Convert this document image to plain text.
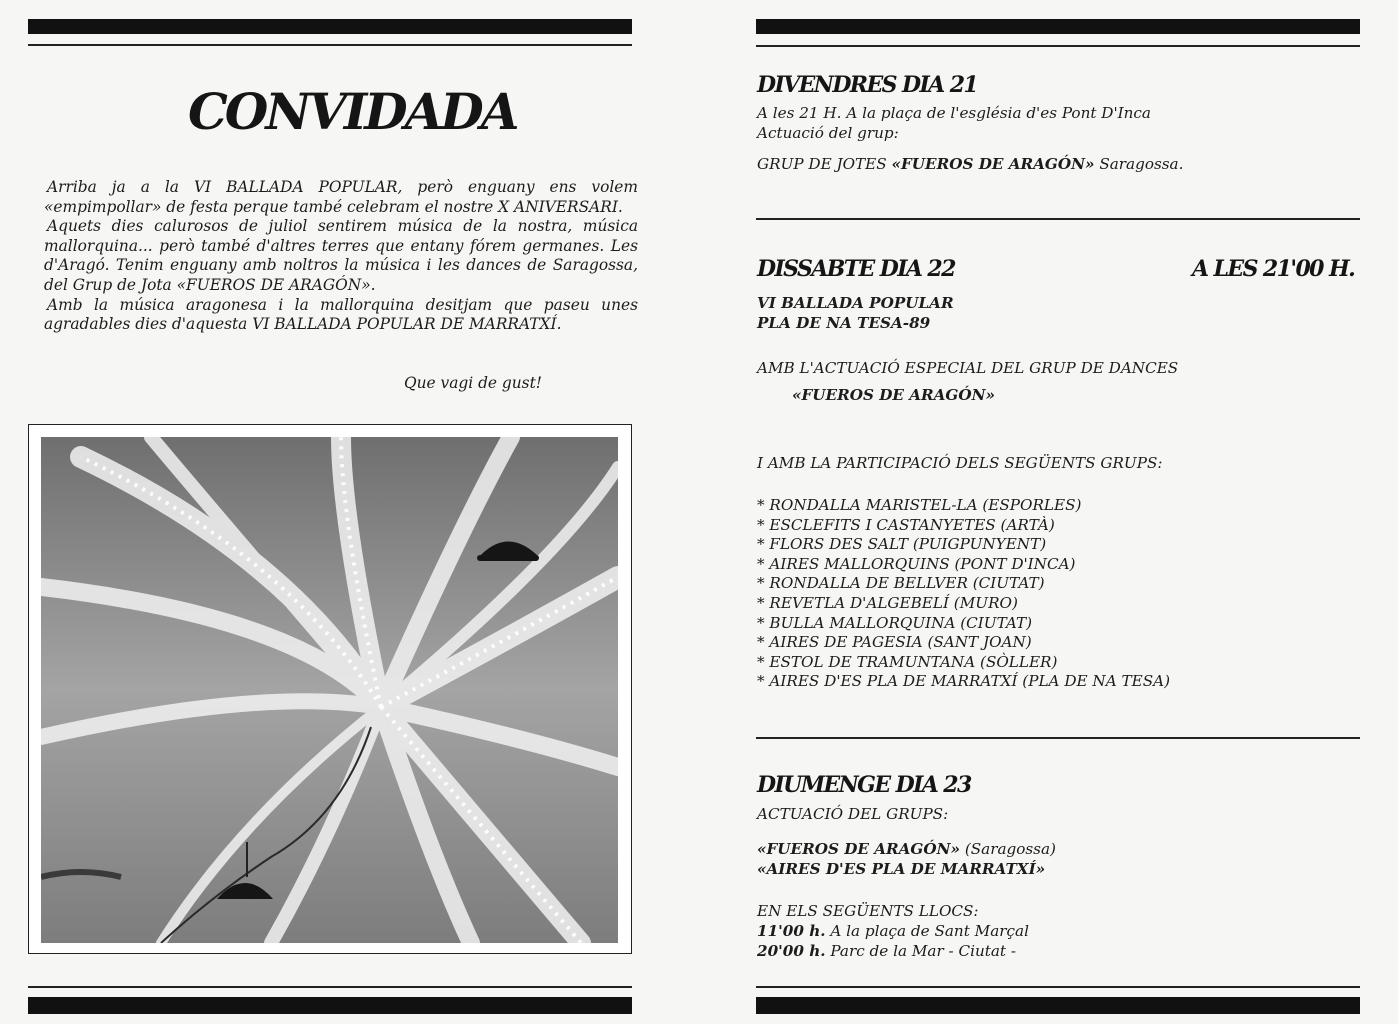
CONVIDADA

Arriba ja a la VI BALLADA POPULAR, però enguany ens volem «empimpollar» de festa perque també celebram el nostre X ANIVERSARI.

Aquets dies calurosos de juliol sentirem música de la nostra, música mallorquina... però també d'altres terres que entany fórem germanes. Les d'Aragó. Tenim enguany amb noltros la música i les dances de Saragossa, del Grup de Jota «FUEROS DE ARAGÓN».

Amb la música aragonesa i la mallorquina desitjam que paseu unes agradables dies d'aquesta VI BALLADA POPULAR DE MARRATXÍ.

Que vagi de gust!
DIVENDRES DIA 21
A les 21 H. A la plaça de l'església d'es Pont D'Inca
Actuació del grup:
GRUP DE JOTES «FUEROS DE ARAGÓN» Saragossa.
DISSABTE DIA 22	A LES 21'00 H.
VI BALLADA POPULAR
PLA DE NA TESA-89
AMB L'ACTUACIÓ ESPECIAL DEL GRUP DE DANCES
«FUEROS DE ARAGÓN»
I AMB LA PARTICIPACIÓ DELS SEGÜENTS GRUPS:
* RONDALLA MARISTEL-LA (ESPORLES)
* ESCLEFITS I CASTANYETES (ARTÀ)
* FLORS DES SALT (PUIGPUNYENT)
* AIRES MALLORQUINS (PONT D'INCA)
* RONDALLA DE BELLVER (CIUTAT)
* REVETLA D'ALGEBELÍ (MURO)
* BULLA MALLORQUINA (CIUTAT)
* AIRES DE PAGESIA (SANT JOAN)
* ESTOL DE TRAMUNTANA (SÒLLER)
* AIRES D'ES PLA DE MARRATXÍ (PLA DE NA TESA)
DIUMENGE DIA 23
ACTUACIÓ DEL GRUPS:
«FUEROS DE ARAGÓN» (Saragossa)
«AIRES D'ES PLA DE MARRATXÍ»
EN ELS SEGÜENTS LLOCS:
11'00 h. A la plaça de Sant Marçal
20'00 h. Parc de la Mar - Ciutat -
